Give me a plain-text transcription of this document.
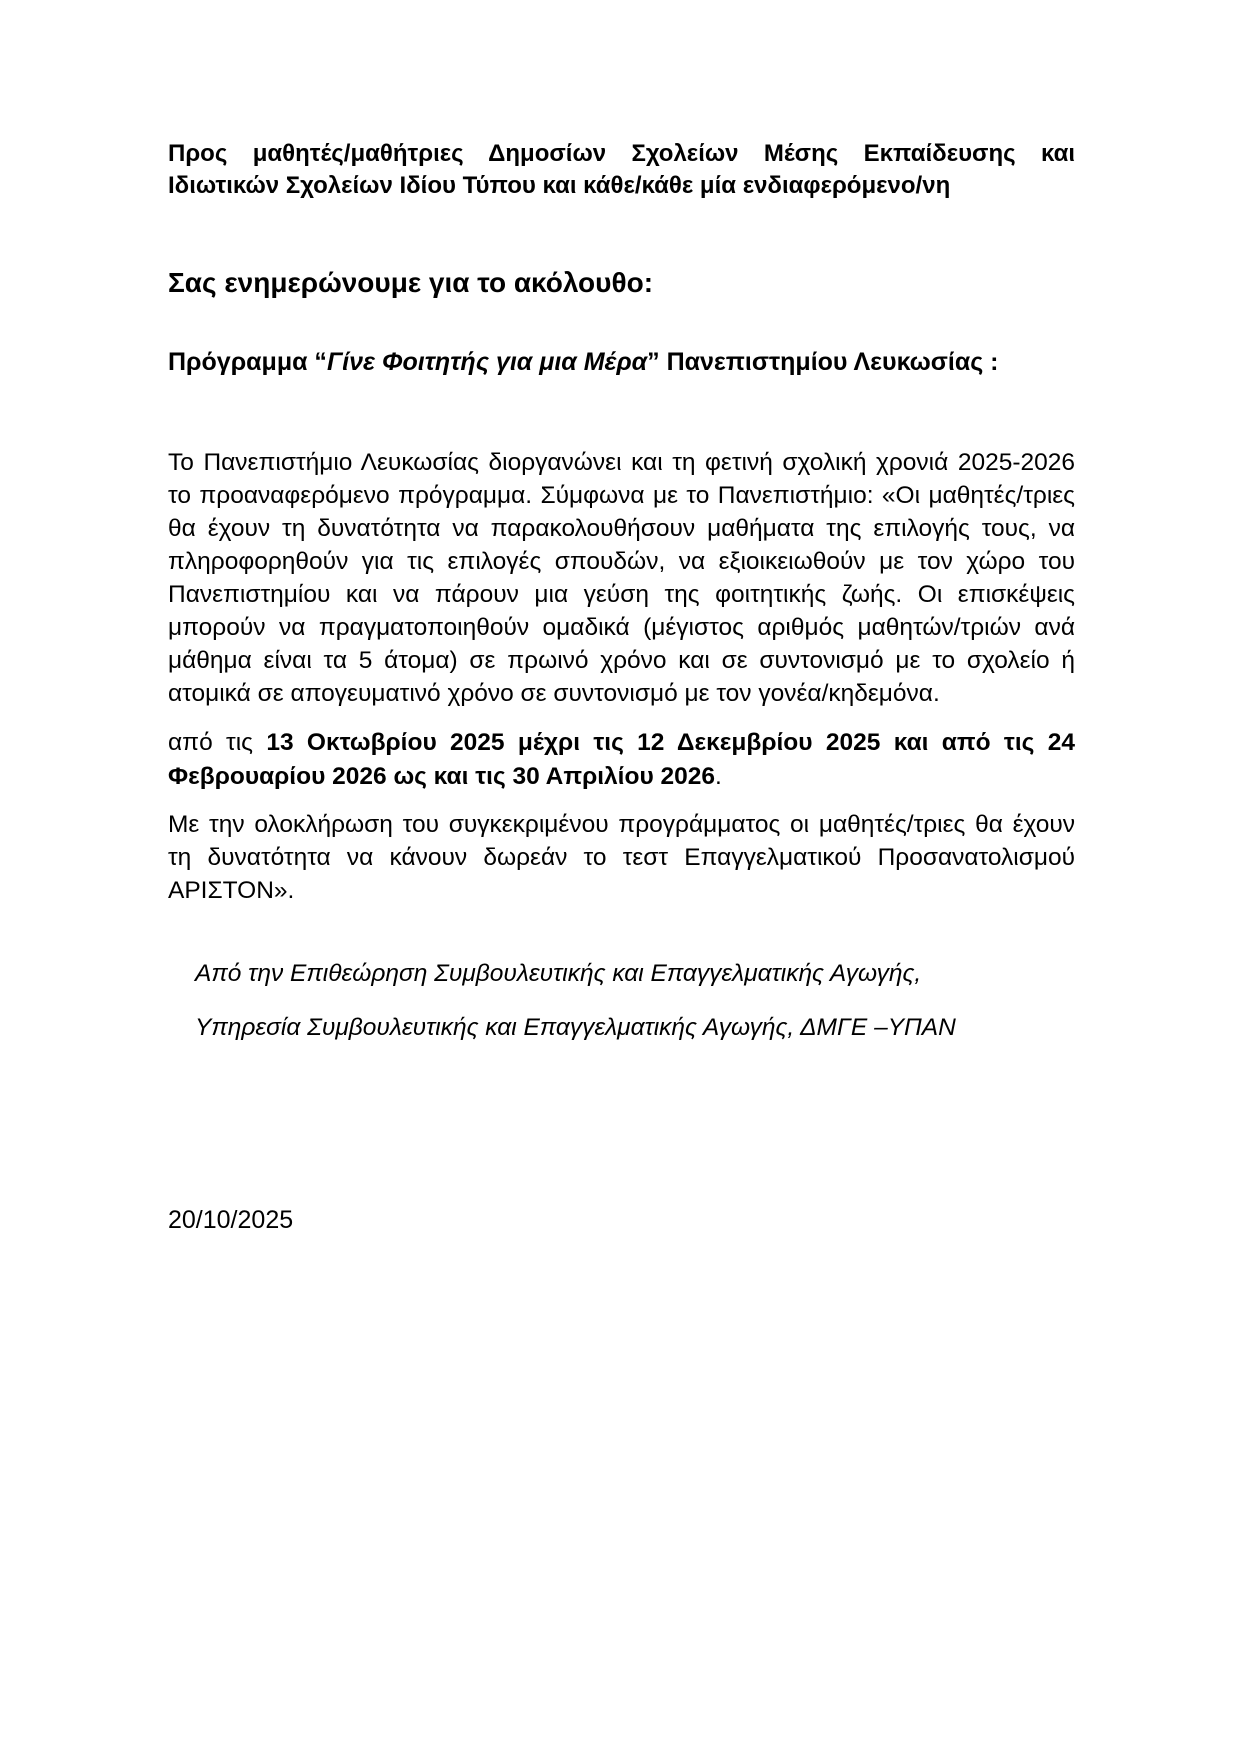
Προς μαθητές/μαθήτριες Δημοσίων Σχολείων Μέσης Εκπαίδευσης και Ιδιωτικών Σχολείων Ιδίου Τύπου και κάθε/κάθε μία ενδιαφερόμενο/νη

Σας ενημερώνουμε για το ακόλουθο:

Πρόγραμμα “Γίνε Φοιτητής για μια Μέρα” Πανεπιστημίου Λευκωσίας :

Το Πανεπιστήμιο Λευκωσίας διοργανώνει και τη φετινή σχολική χρονιά 2025-2026 το προαναφερόμενο πρόγραμμα. Σύμφωνα με το Πανεπιστήμιο: «Οι μαθητές/τριες θα έχουν τη δυνατότητα να παρακολουθήσουν μαθήματα της επιλογής τους, να πληροφορηθούν για τις επιλογές σπουδών, να εξιοικειωθούν με τον χώρο του Πανεπιστημίου και να πάρουν μια γεύση της φοιτητικής ζωής. Οι επισκέψεις μπορούν να πραγματοποιηθούν ομαδικά (μέγιστος αριθμός μαθητών/τριών ανά μάθημα είναι τα 5 άτομα) σε πρωινό χρόνο και σε συντονισμό με το σχολείο ή ατομικά σε απογευματινό χρόνο σε συντονισμό με τον γονέα/κηδεμόνα.

από τις 13 Οκτωβρίου 2025 μέχρι τις 12 Δεκεμβρίου 2025 και από τις 24 Φεβρουαρίου 2026 ως και τις 30 Απριλίου 2026.

Με την ολοκλήρωση του συγκεκριμένου προγράμματος οι μαθητές/τριες θα έχουν τη δυνατότητα να κάνουν δωρεάν το τεστ Επαγγελματικού Προσανατολισμού ΑΡΙΣΤΟΝ».

Από την Επιθεώρηση Συμβουλευτικής και Επαγγελματικής Αγωγής,

Υπηρεσία Συμβουλευτικής και Επαγγελματικής Αγωγής, ΔΜΓΕ –ΥΠΑΝ

20/10/2025
